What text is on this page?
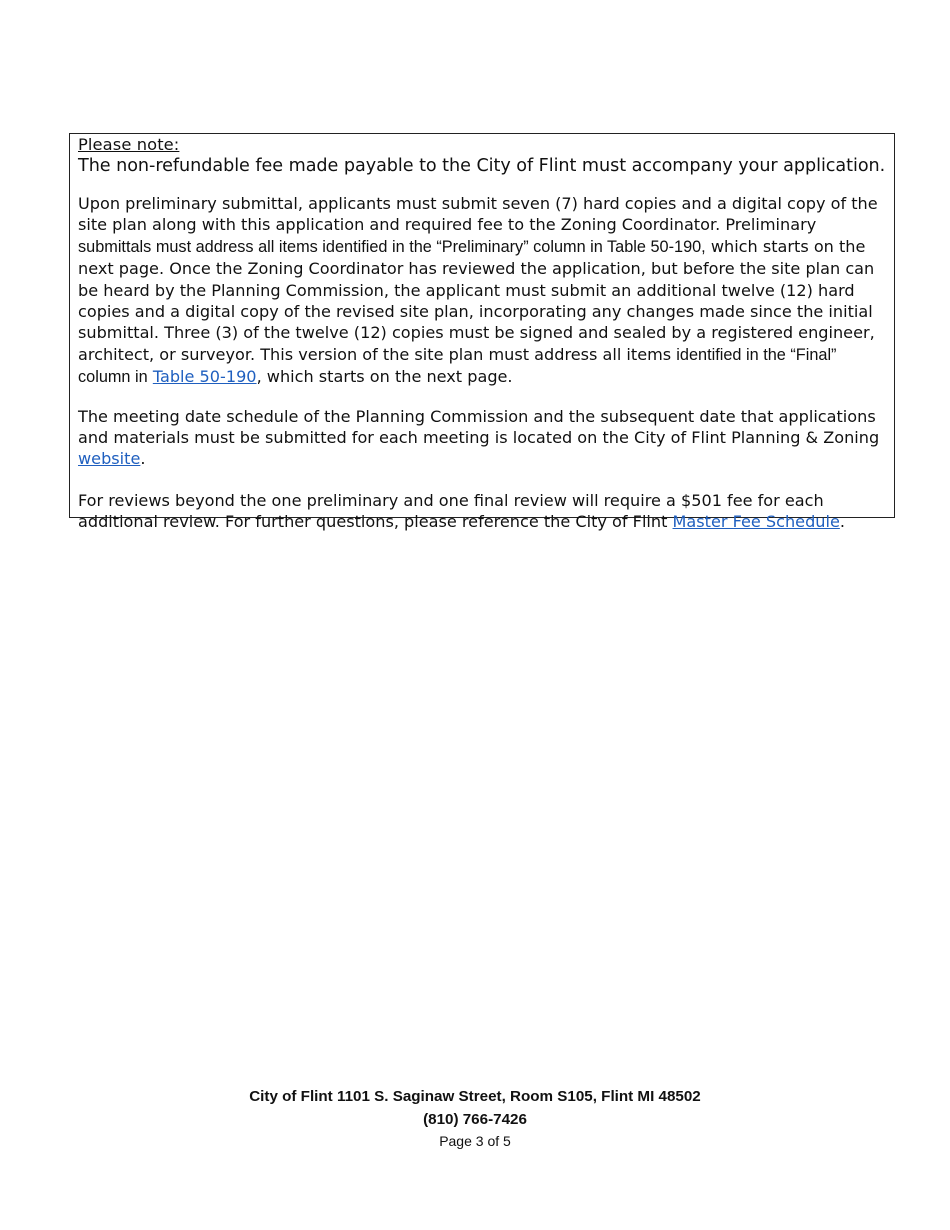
Please note:

The non-refundable fee made payable to the City of Flint must accompany your application.

Upon preliminary submittal, applicants must submit seven (7) hard copies and a digital copy of the site plan along with this application and required fee to the Zoning Coordinator. Preliminary submittals must address all items identified in the “Preliminary” column in Table 50-190, which starts on the next page. Once the Zoning Coordinator has reviewed the application, but before the site plan can be heard by the Planning Commission, the applicant must submit an additional twelve (12) hard copies and a digital copy of the revised site plan, incorporating any changes made since the initial submittal. Three (3) of the twelve (12) copies must be signed and sealed by a registered engineer, architect, or surveyor. This version of the site plan must address all items identified in the “Final” column in Table 50-190, which starts on the next page.

The meeting date schedule of the Planning Commission and the subsequent date that applications and materials must be submitted for each meeting is located on the City of Flint Planning & Zoning website.

For reviews beyond the one preliminary and one final review will require a $501 fee for each additional review. For further questions, please reference the City of Flint Master Fee Schedule.

City of Flint 1101 S. Saginaw Street, Room S105, Flint MI 48502
(810) 766-7426
Page 3 of 5
